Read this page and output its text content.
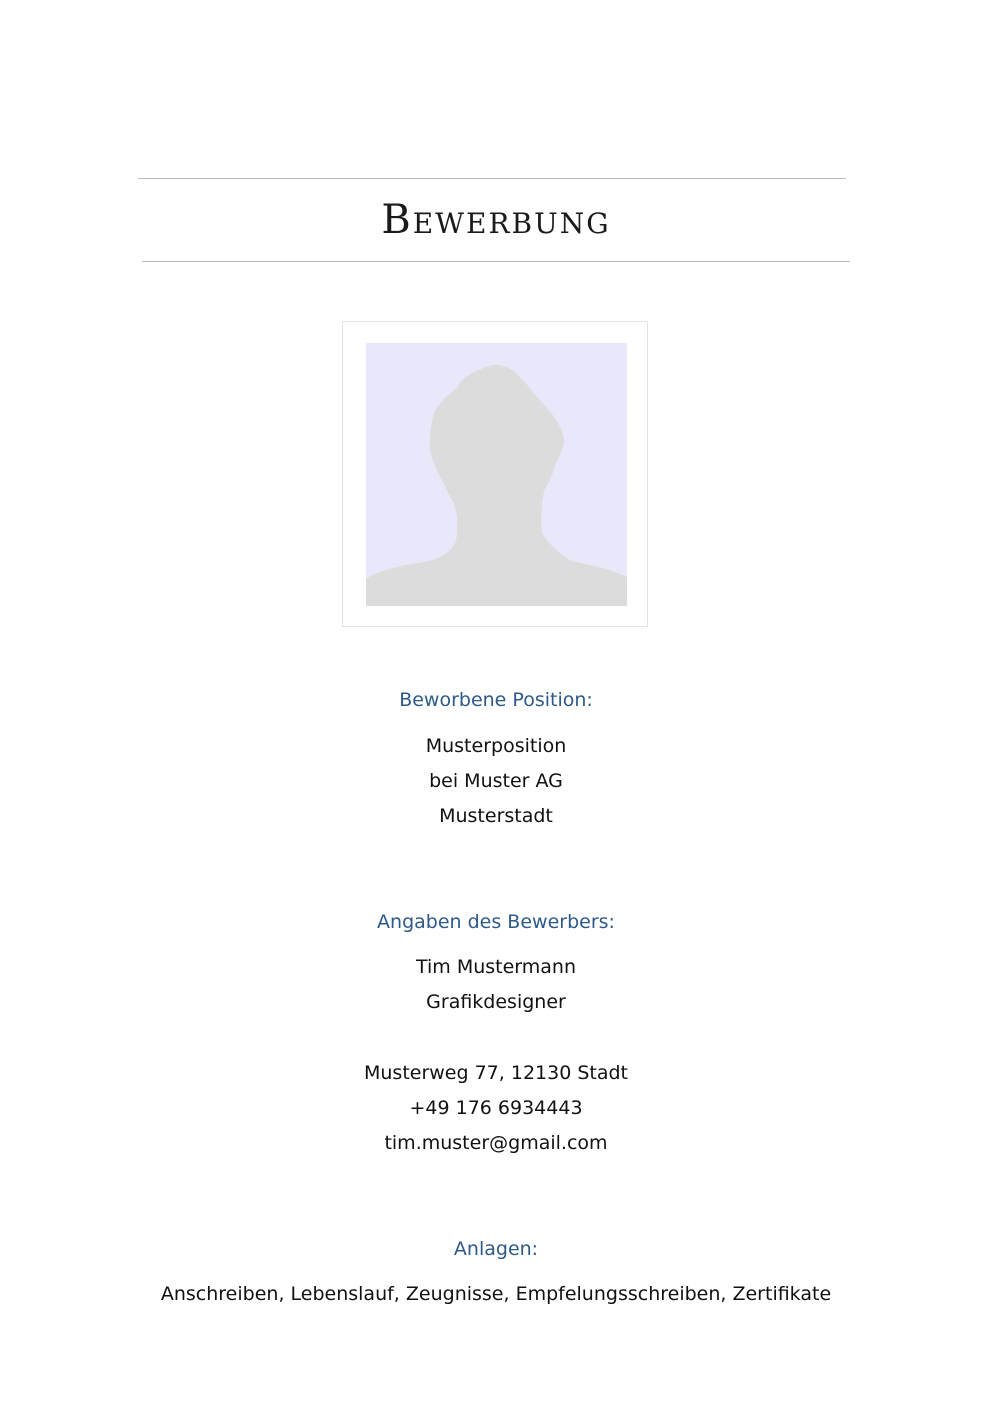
Bewerbung
Beworbene Position:
Musterposition
bei Muster AG
Musterstadt
Angaben des Bewerbers:
Tim Mustermann
Grafikdesigner
Musterweg 77, 12130 Stadt
+49 176 6934443
tim.muster@gmail.com
Anlagen:
Anschreiben, Lebenslauf, Zeugnisse, Empfelungsschreiben, Zertifikate
